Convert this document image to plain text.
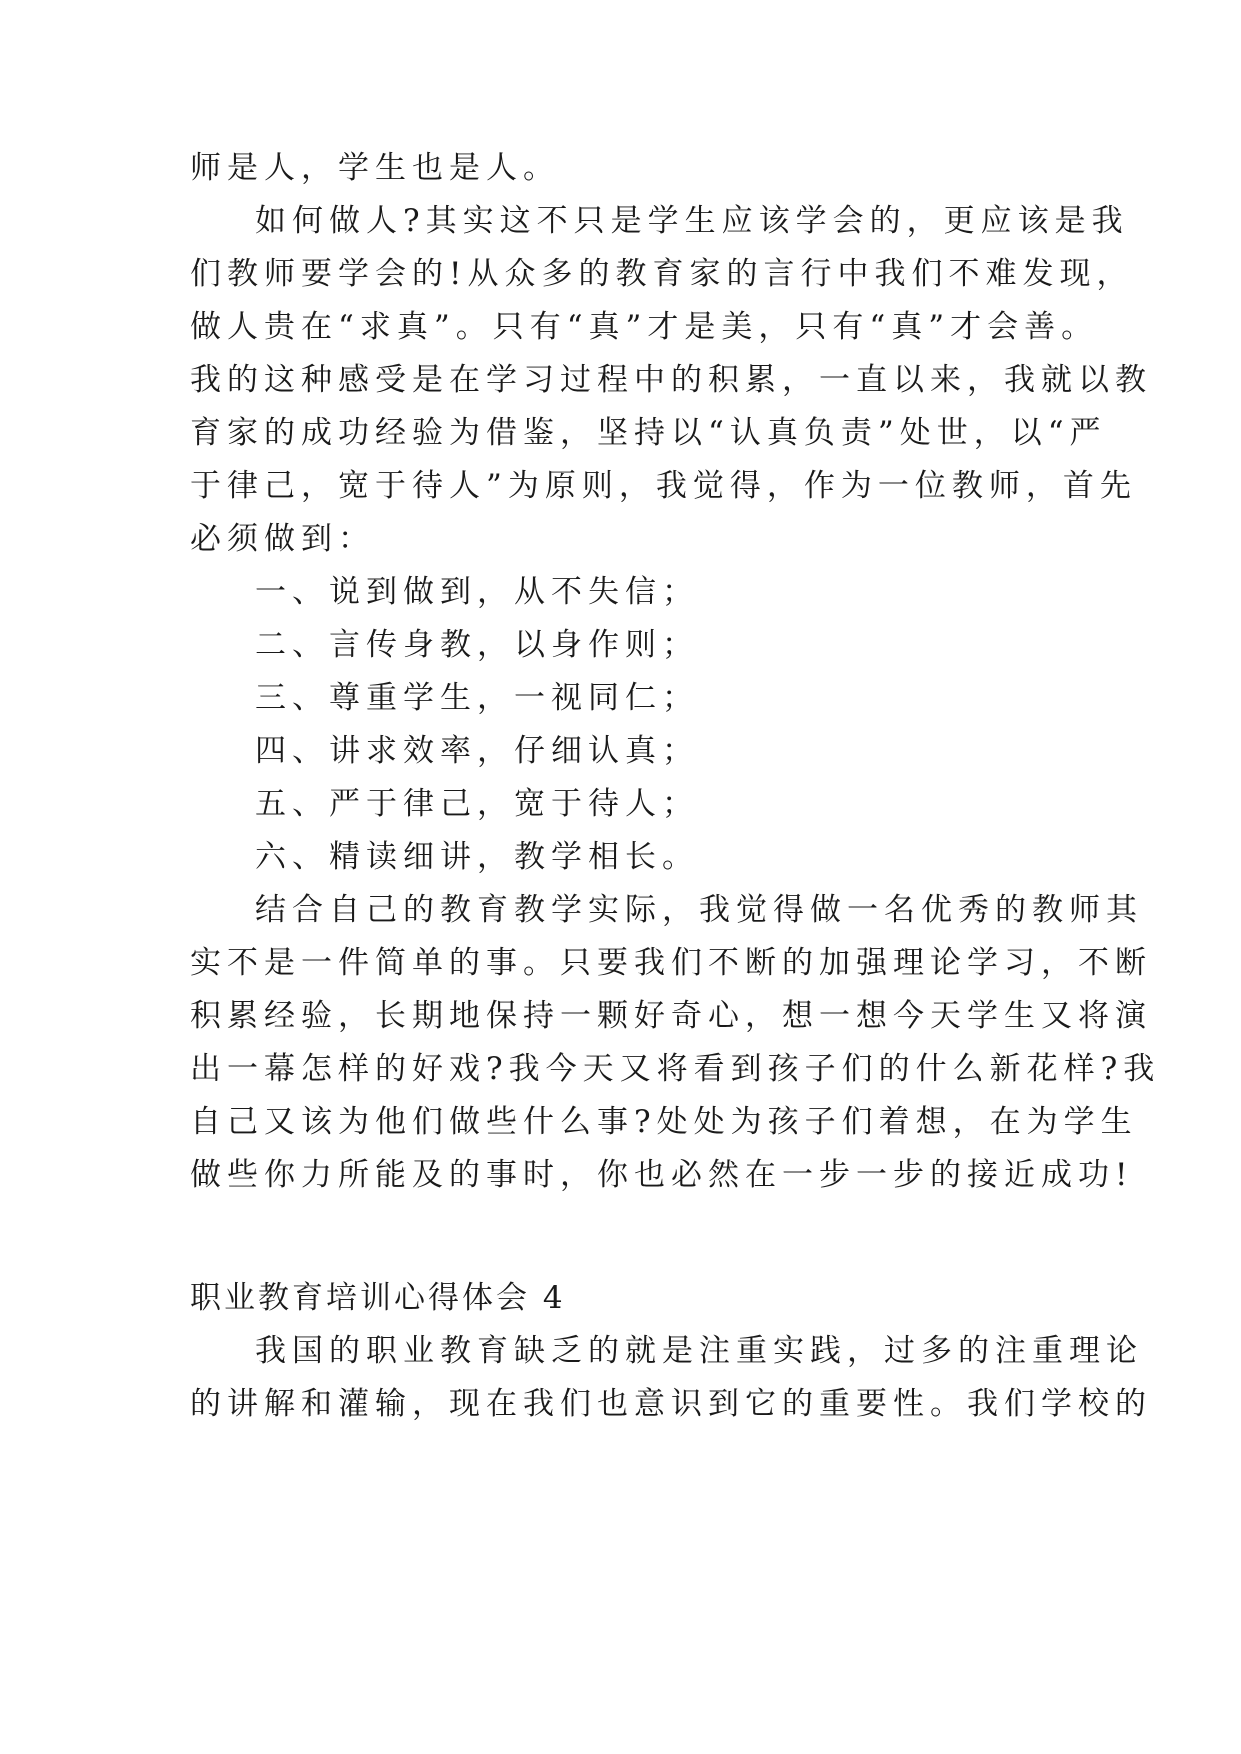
师是人，学生也是人。
如何做人?其实这不只是学生应该学会的，更应该是我
们教师要学会的!从众多的教育家的言行中我们不难发现，
做人贵在“求真”。只有“真”才是美，只有“真”才会善。
我的这种感受是在学习过程中的积累，一直以来，我就以教
育家的成功经验为借鉴，坚持以“认真负责”处世，以“严
于律己，宽于待人”为原则，我觉得，作为一位教师，首先
必须做到：
一、说到做到，从不失信；
二、言传身教，以身作则；
三、尊重学生，一视同仁；
四、讲求效率，仔细认真；
五、严于律己，宽于待人；
六、精读细讲，教学相长。
结合自己的教育教学实际，我觉得做一名优秀的教师其
实不是一件简单的事。只要我们不断的加强理论学习，不断
积累经验，长期地保持一颗好奇心，想一想今天学生又将演
出一幕怎样的好戏?我今天又将看到孩子们的什么新花样?我
自己又该为他们做些什么事?处处为孩子们着想，在为学生
做些你力所能及的事时，你也必然在一步一步的接近成功!
职业教育培训心得体会 4
我国的职业教育缺乏的就是注重实践，过多的注重理论
的讲解和灌输，现在我们也意识到它的重要性。我们学校的
